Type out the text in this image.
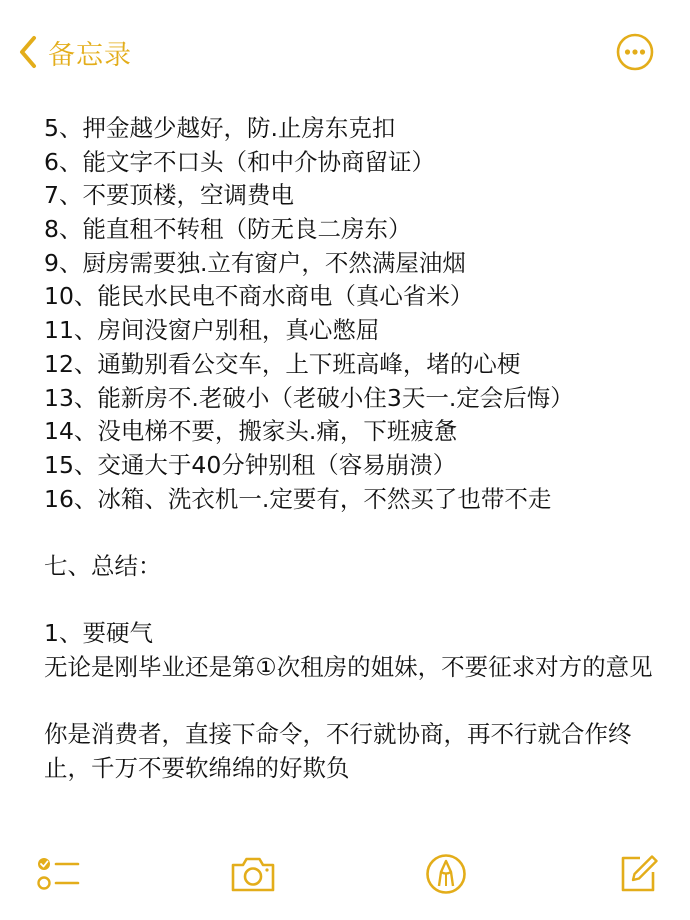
备忘录
5、押金越少越好，防.止房东克扣
6、能文字不口头（和中介协商留证）
7、不要顶楼，空调费电
8、能直租不转租（防无良二房东）
9、厨房需要独.立有窗户，不然满屋油烟
10、能民水民电不商水商电（真心省米）
11、房间没窗户别租，真心憋屈
12、通勤别看公交车，上下班高峰，堵的心梗
13、能新房不.老破小（老破小住3天一.定会后悔）
14、没电梯不要，搬家头.痛，下班疲惫
15、交通大于40分钟别租（容易崩溃）
16、冰箱、洗衣机一.定要有，不然买了也带不走
七、总结：
1、要硬气
无论是刚毕业还是第①次租房的姐妹，不要征求对方的意见
你是消费者，直接下命令，不行就协商，再不行就合作终止，千万不要软绵绵的好欺负
